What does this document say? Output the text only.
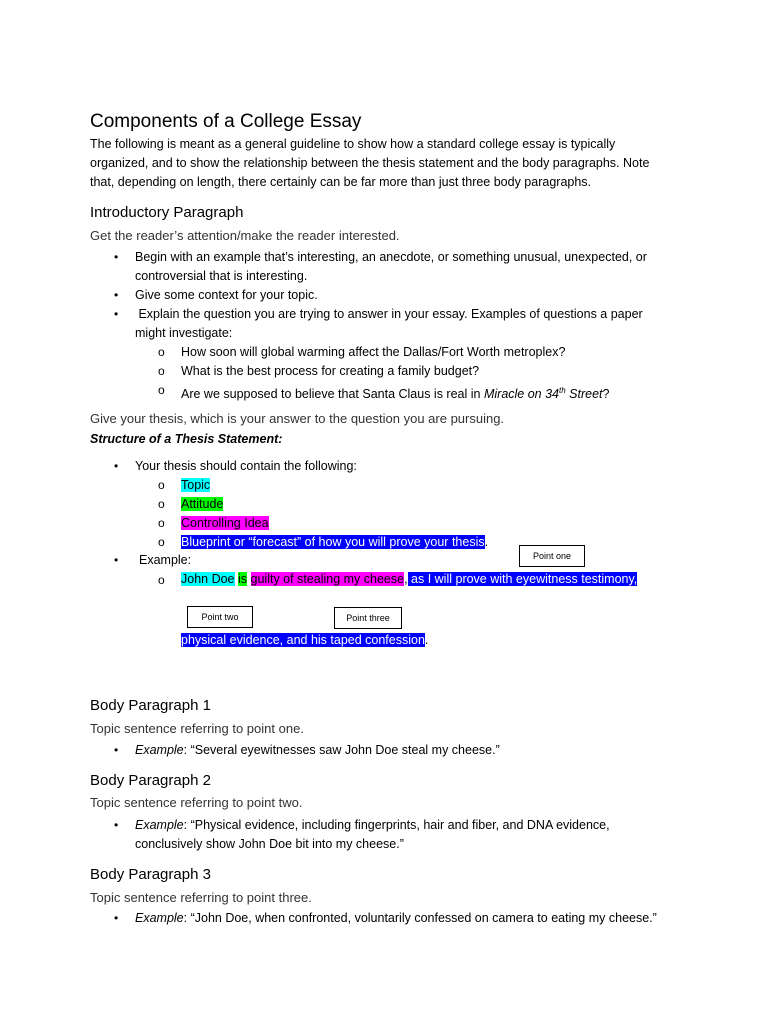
Components of a College Essay
The following is meant as a general guideline to show how a standard college essay is typically
organized, and to show the relationship between the thesis statement and the body paragraphs. Note
that, depending on length, there certainly can be far more than just three body paragraphs.
Introductory Paragraph
Get the reader’s attention/make the reader interested.
• Begin with an example that’s interesting, an anecdote, or something unusual, unexpected, or
controversial that is interesting.
• Give some context for your topic.
• Explain the question you are trying to answer in your essay. Examples of questions a paper
might investigate:
o How soon will global warming affect the Dallas/Fort Worth metroplex?
o What is the best process for creating a family budget?
o Are we supposed to believe that Santa Claus is real in Miracle on 34th Street?
Give your thesis, which is your answer to the question you are pursuing.
Structure of a Thesis Statement:
• Your thesis should contain the following:
o Topic
o Attitude
o Controlling Idea
o Blueprint or “forecast” of how you will prove your thesis.
• Example:	Point one
o John Doe is guilty of stealing my cheese, as I will prove with eyewitness testimony,
Point two	Point three
physical evidence, and his taped confession.
Body Paragraph 1
Topic sentence referring to point one.
• Example: “Several eyewitnesses saw John Doe steal my cheese.”
Body Paragraph 2
Topic sentence referring to point two.
• Example: “Physical evidence, including fingerprints, hair and fiber, and DNA evidence,
conclusively show John Doe bit into my cheese.”
Body Paragraph 3
Topic sentence referring to point three.
• Example: “John Doe, when confronted, voluntarily confessed on camera to eating my cheese.”
